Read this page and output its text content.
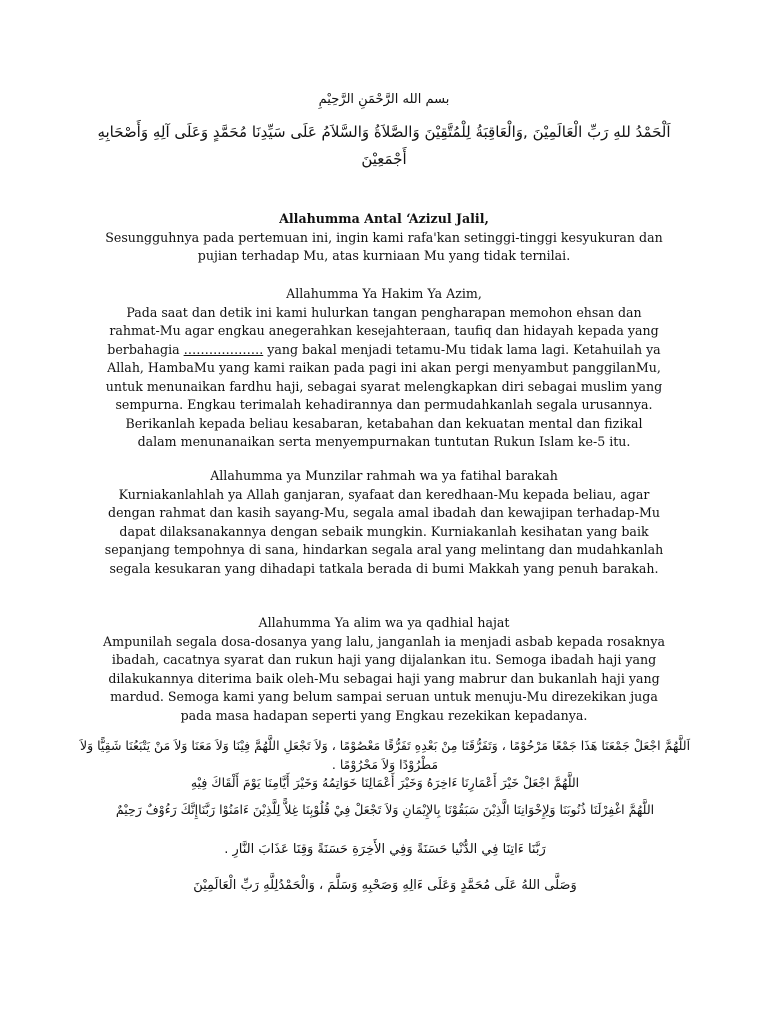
بسم الله الرَّحْمَنِ الرَّحِيْمِ

اَلْحَمْدُ للهِ رَبِّ الْعَالَمِيْنَ ,وَالْعَاقِبَةُ لِلْمُتَّقِيْنَ وَالصَّلاَةُ وَالسَّلاَمُ عَلَى سَيِّدِنَا مُحَمَّدٍ وَعَلَى آلِهِ وَأَصْحَابِهِ أَجْمَعِيْنَ

Allahumma Antal ‘Azizul Jalil,
Sesungguhnya pada pertemuan ini, ingin kami rafa'kan setinggi-tinggi kesyukuran dan
pujian terhadap Mu, atas kurniaan Mu yang tidak ternilai.

Allahumma Ya Hakim Ya Azim,
Pada saat dan detik ini kami hulurkan tangan pengharapan memohon ehsan dan
rahmat-Mu agar engkau anegerahkan kesejahteraan, taufiq dan hidayah kepada yang
berbahagia ………………. yang bakal menjadi tetamu-Mu tidak lama lagi. Ketahuilah ya
Allah, HambaMu yang kami raikan pada pagi ini akan pergi menyambut panggilanMu,
untuk menunaikan fardhu haji, sebagai syarat melengkapkan diri sebagai muslim yang
sempurna. Engkau terimalah kehadirannya dan permudahkanlah segala urusannya.
Berikanlah kepada beliau kesabaran, ketabahan dan kekuatan mental dan fizikal
dalam menunanaikan serta menyempurnakan tuntutan Rukun Islam ke-5 itu.

Allahumma ya Munzilar rahmah wa ya fatihal barakah
Kurniakanlahlah ya Allah ganjaran, syafaat dan keredhaan-Mu kepada beliau, agar
dengan rahmat dan kasih sayang-Mu, segala amal ibadah dan kewajipan terhadap-Mu
dapat dilaksanakannya dengan sebaik mungkin. Kurniakanlah kesihatan yang baik
sepanjang tempohnya di sana, hindarkan segala aral yang melintang dan mudahkanlah
segala kesukaran yang dihadapi tatkala berada di bumi Makkah yang penuh barakah.

Allahumma Ya alim wa ya qadhial hajat
Ampunilah segala dosa-dosanya yang lalu, janganlah ia menjadi asbab kepada rosaknya
ibadah, cacatnya syarat dan rukun haji yang dijalankan itu. Semoga ibadah haji yang
dilakukannya diterima baik oleh-Mu sebagai haji yang mabrur dan bukanlah haji yang
mardud. Semoga kami yang belum sampai seruan untuk menuju-Mu direzekikan juga
pada masa hadapan seperti yang Engkau rezekikan kepadanya.

اَللَّهُمَّ اجْعَلْ جَمْعَنَا هَذَا جَمْعًا مَرْحُوْمًا ، وَتَفَرُّقَنَا مِنْ بَعْدِهِ تَفَرُّقًا مَعْصُوْمًا ، وَلاَ تَجْعَلِ اللَّهُمَّ فِيْنَا وَلاَ مَعَنَا وَلاَ مَنْ يَتْبَعُنَا شَقِيًّا وَلاَ مَطْرُوْدًا وَلاَ مَحْرُوْمًا .

اللَّهُمَّ اجْعَلْ خَيْرَ أَعْمَارِنَا ءَاخِرَهُ وَخَيْرَ أَعْمَالِنَا خَوَاتِمُهُ وَخَيْرَ أَيَّامِنَا يَوْمَ أَلْقَاكَ فِيْهِ

اللَّهُمَّ اغْفِرْلَنَا ذُنُوبَنَا وَلِإِخْوَانِنَا الَّذِيْنَ سَبَقُوْنَا بِالإِيْمَانِ وَلاَ تَجْعَلْ فِيْ قُلُوْبِنَا غِلاًّ لِلَّذِيْنَ ءَامَنُوْا رَبَّنَاإِنَّكَ رَءُوْفٌ رَحِيْمٌ

رَبَّنَا ءَاتِنَا فِي الدُّنْيا حَسَنَةً وَفِي الأَخِرَةِ حَسَنَةً وَقِنَا عَذَابَ النَّارِ .

وَصَلَّى اللهُ عَلَى مُحَمَّدٍ وَعَلَى ءَالِهِ وَصَحْبِهِ وَسَلَّمَ ، وَالْحَمْدُلِلَّهِ رَبِّ الْعَالَمِيْنَ
